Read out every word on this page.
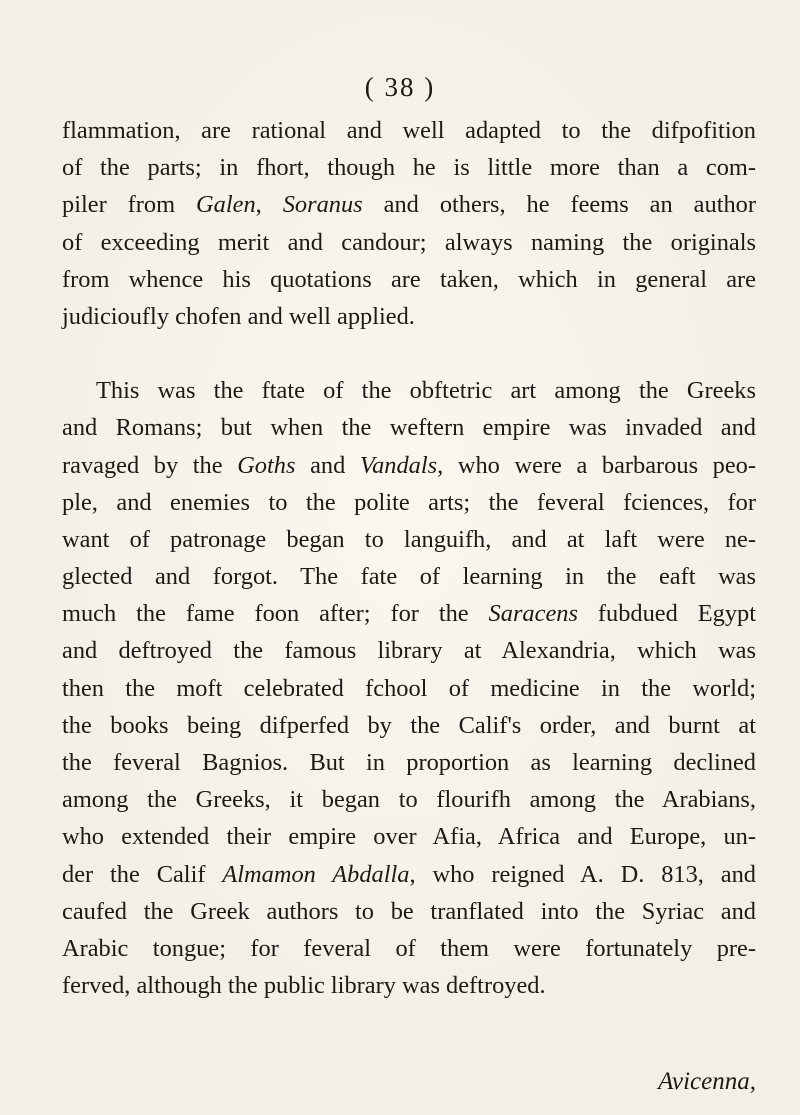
( 38 )
flammation, are rational and well adapted to the difpofition
of the parts; in fhort, though he is little more than a com-
piler from Galen, Soranus and others, he feems an author
of exceeding merit and candour; always naming the originals
from whence his quotations are taken, which in general are
judicioufly chofen and well applied.
This was the ftate of the obftetric art among the Greeks
and Romans; but when the weftern empire was invaded and
ravaged by the Goths and Vandals, who were a barbarous peo-
ple, and enemies to the polite arts; the feveral fciences, for
want of patronage began to languifh, and at laft were ne-
glected and forgot. The fate of learning in the eaft was
much the fame foon after; for the Saracens fubdued Egypt
and deftroyed the famous library at Alexandria, which was
then the moft celebrated fchool of medicine in the world;
the books being difperfed by the Calif's order, and burnt at
the feveral Bagnios. But in proportion as learning declined
among the Greeks, it began to flourifh among the Arabians,
who extended their empire over Afia, Africa and Europe, un-
der the Calif Almamon Abdalla, who reigned A. D. 813, and
caufed the Greek authors to be tranflated into the Syriac and
Arabic tongue; for feveral of them were fortunately pre-
ferved, although the public library was deftroyed.
Avicenna,
